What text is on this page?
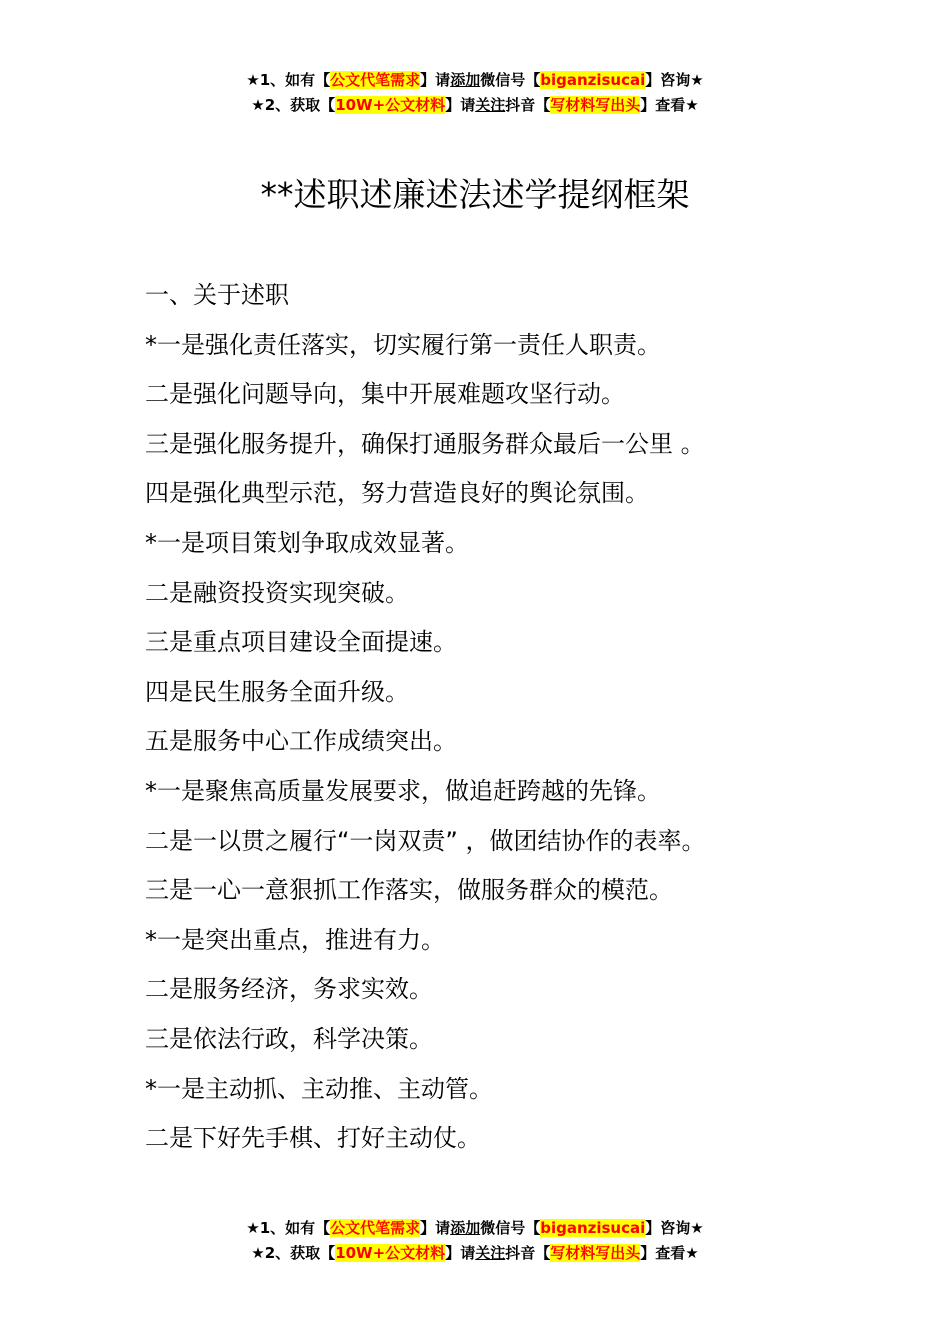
★1、如有【公文代笔需求】请添加微信号【biganzisucai】咨询★
★2、获取【10W+公文材料】请关注抖音【写材料写出头】查看★
**述职述廉述法述学提纲框架
一、关于述职
*一是强化责任落实，切实履行第一责任人职责。
二是强化问题导向，集中开展难题攻坚行动。
三是强化服务提升，确保打通服务群众最后一公里 。
四是强化典型示范，努力营造良好的舆论氛围。
*一是项目策划争取成效显著。
二是融资投资实现突破。
三是重点项目建设全面提速。
四是民生服务全面升级。
五是服务中心工作成绩突出。
*一是聚焦高质量发展要求，做追赶跨越的先锋。
二是一以贯之履行“一岗双责” ，做团结协作的表率。
三是一心一意狠抓工作落实，做服务群众的模范。
*一是突出重点，推进有力。
二是服务经济，务求实效。
三是依法行政，科学决策。
*一是主动抓、主动推、主动管。
二是下好先手棋、打好主动仗。
★1、如有【公文代笔需求】请添加微信号【biganzisucai】咨询★
★2、获取【10W+公文材料】请关注抖音【写材料写出头】查看★
